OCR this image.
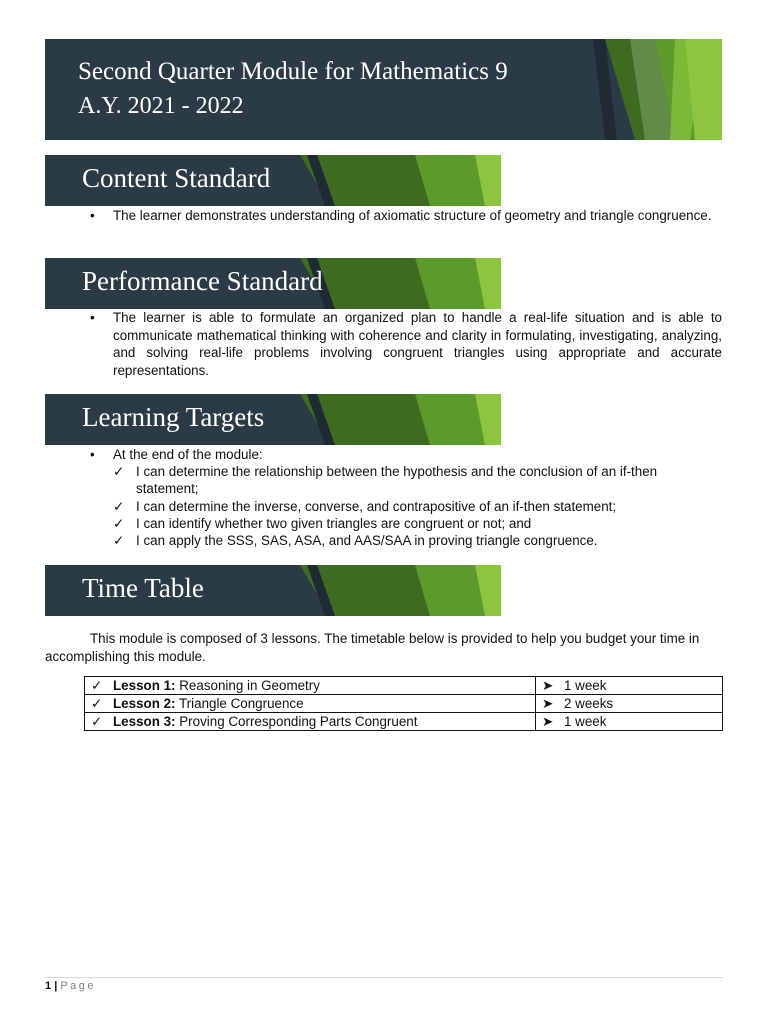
Second Quarter Module for Mathematics 9
A.Y. 2021 - 2022
Content Standard
• The learner demonstrates understanding of axiomatic structure of geometry and triangle congruence.
Performance Standard
• The learner is able to formulate an organized plan to handle a real-life situation and is able to communicate mathematical thinking with coherence and clarity in formulating, investigating, analyzing, and solving real-life problems involving congruent triangles using appropriate and accurate representations.
Learning Targets
• At the end of the module:
✓ I can determine the relationship between the hypothesis and the conclusion of an if-then statement;
✓ I can determine the inverse, converse, and contrapositive of an if-then statement;
✓ I can identify whether two given triangles are congruent or not; and
✓ I can apply the SSS, SAS, ASA, and AAS/SAA in proving triangle congruence.
Time Table
This module is composed of 3 lessons. The timetable below is provided to help you budget your time in accomplishing this module.
✓ Lesson 1: Reasoning in Geometry	➤ 1 week
✓ Lesson 2: Triangle Congruence	➤ 2 weeks
✓ Lesson 3: Proving Corresponding Parts Congruent	➤ 1 week
1 | Page
